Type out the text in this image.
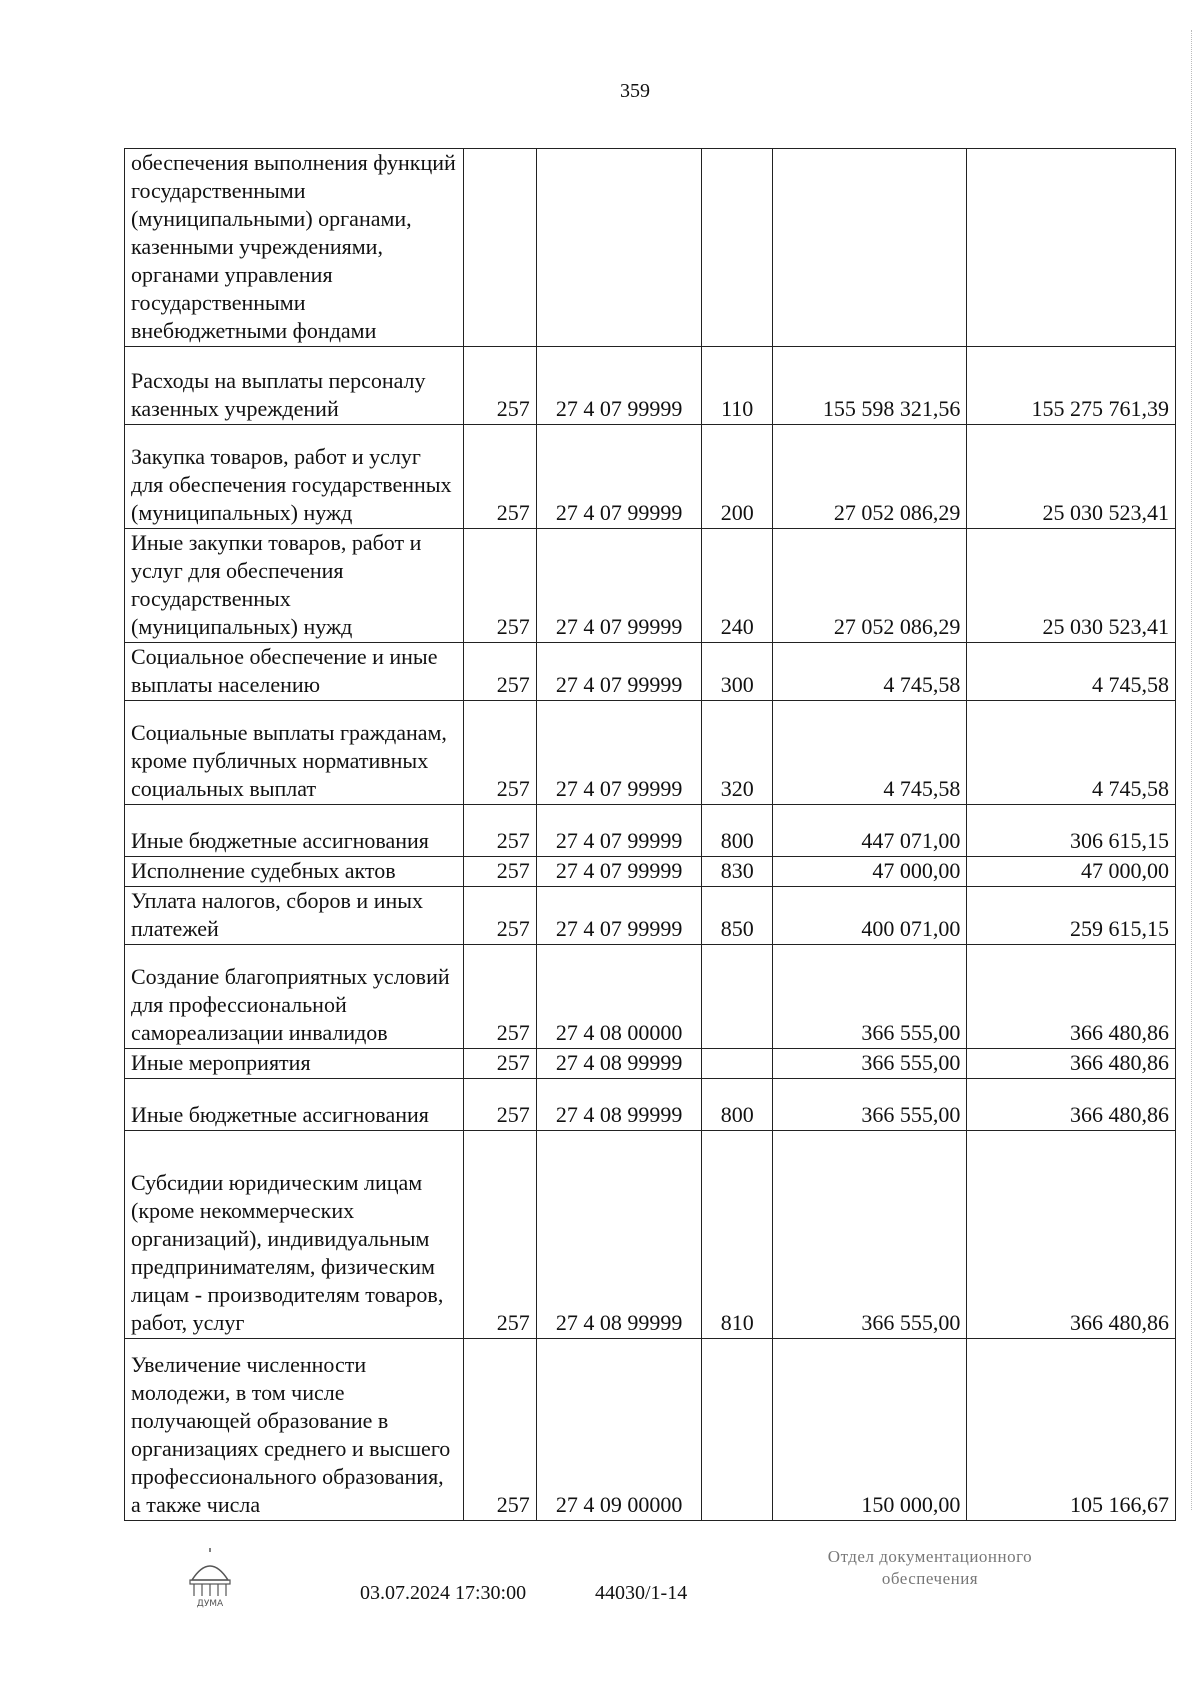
359
обеспечения выполнения функций государственными (муниципальными) органами, казенными учреждениями, органами управления государственными внебюджетными фондами					
Расходы на выплаты персоналу казенных учреждений	257	27 4 07 99999	110	155 598 321,56	155 275 761,39
Закупка товаров, работ и услуг для обеспечения государственных (муниципальных) нужд	257	27 4 07 99999	200	27 052 086,29	25 030 523,41
Иные закупки товаров, работ и услуг для обеспечения государственных (муниципальных) нужд	257	27 4 07 99999	240	27 052 086,29	25 030 523,41
Социальное обеспечение и иные выплаты населению	257	27 4 07 99999	300	4 745,58	4 745,58
Социальные выплаты гражданам, кроме публичных нормативных социальных выплат	257	27 4 07 99999	320	4 745,58	4 745,58
Иные бюджетные ассигнования	257	27 4 07 99999	800	447 071,00	306 615,15
Исполнение судебных актов	257	27 4 07 99999	830	47 000,00	47 000,00
Уплата налогов, сборов и иных платежей	257	27 4 07 99999	850	400 071,00	259 615,15
Создание благоприятных условий для профессиональной самореализации инвалидов	257	27 4 08 00000		366 555,00	366 480,86
Иные мероприятия	257	27 4 08 99999		366 555,00	366 480,86
Иные бюджетные ассигнования	257	27 4 08 99999	800	366 555,00	366 480,86
Субсидии юридическим лицам (кроме некоммерческих организаций), индивидуальным предпринимателям, физическим лицам - производителям товаров, работ, услуг	257	27 4 08 99999	810	366 555,00	366 480,86
Увеличение численности молодежи, в том числе получающей образование в организациях среднего и высшего профессионального образования, а также числа	257	27 4 09 00000		150 000,00	105 166,67
ДУМА	03.07.2024 17:30:00	44030/1-14
Отдел документационного обеспечения
